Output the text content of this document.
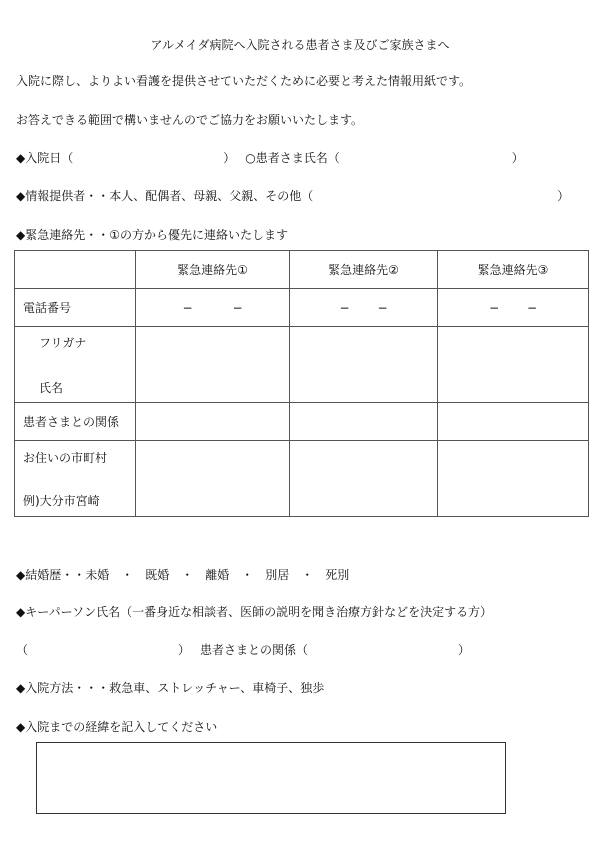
アルメイダ病院へ入院される患者さま及びご家族さまへ
入院に際し、よりよい看護を提供させていただくために必要と考えた情報用紙です。
お答えできる範囲で構いませんのでご協力をお願いいたします。
◆入院日（	） ○患者さま氏名（	）
◆情報提供者・・本人、配偶者、母親、父親、その他（	）
◆緊急連絡先・・①の方から優先に連絡いたします
	緊急連絡先①	緊急連絡先②	緊急連絡先③
電話番号	− −	− −	− −

フリガナ
氏名			

患者さまとの関係			

お住いの市町村
例)大分市宮崎			

◆結婚歴・・未婚　・　既婚　・　離婚　・　別居　・　死別
◆キーパーソン氏名（一番身近な相談者、医師の説明を聞き治療方針などを決定する方）
（	） 患者さまとの関係（	）
◆入院方法・・・救急車、ストレッチャー、車椅子、独歩
◆入院までの経緯を記入してください
